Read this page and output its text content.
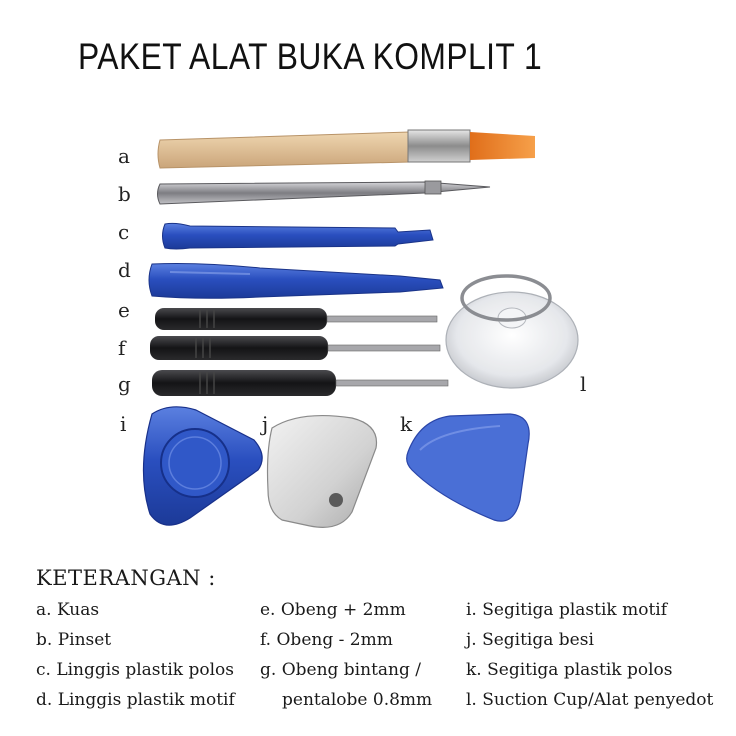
PAKET ALAT BUKA KOMPLIT 1
a
b
c
d
e
f
g
i	j	k
l
KETERANGAN :
a. Kuas
b. Pinset
c. Linggis plastik polos
d. Linggis plastik motif
e. Obeng + 2mm
f. Obeng - 2mm
g. Obeng bintang /
pentalobe 0.8mm
i. Segitiga plastik motif
j. Segitiga besi
k. Segitiga plastik polos
l. Suction Cup/Alat penyedot
